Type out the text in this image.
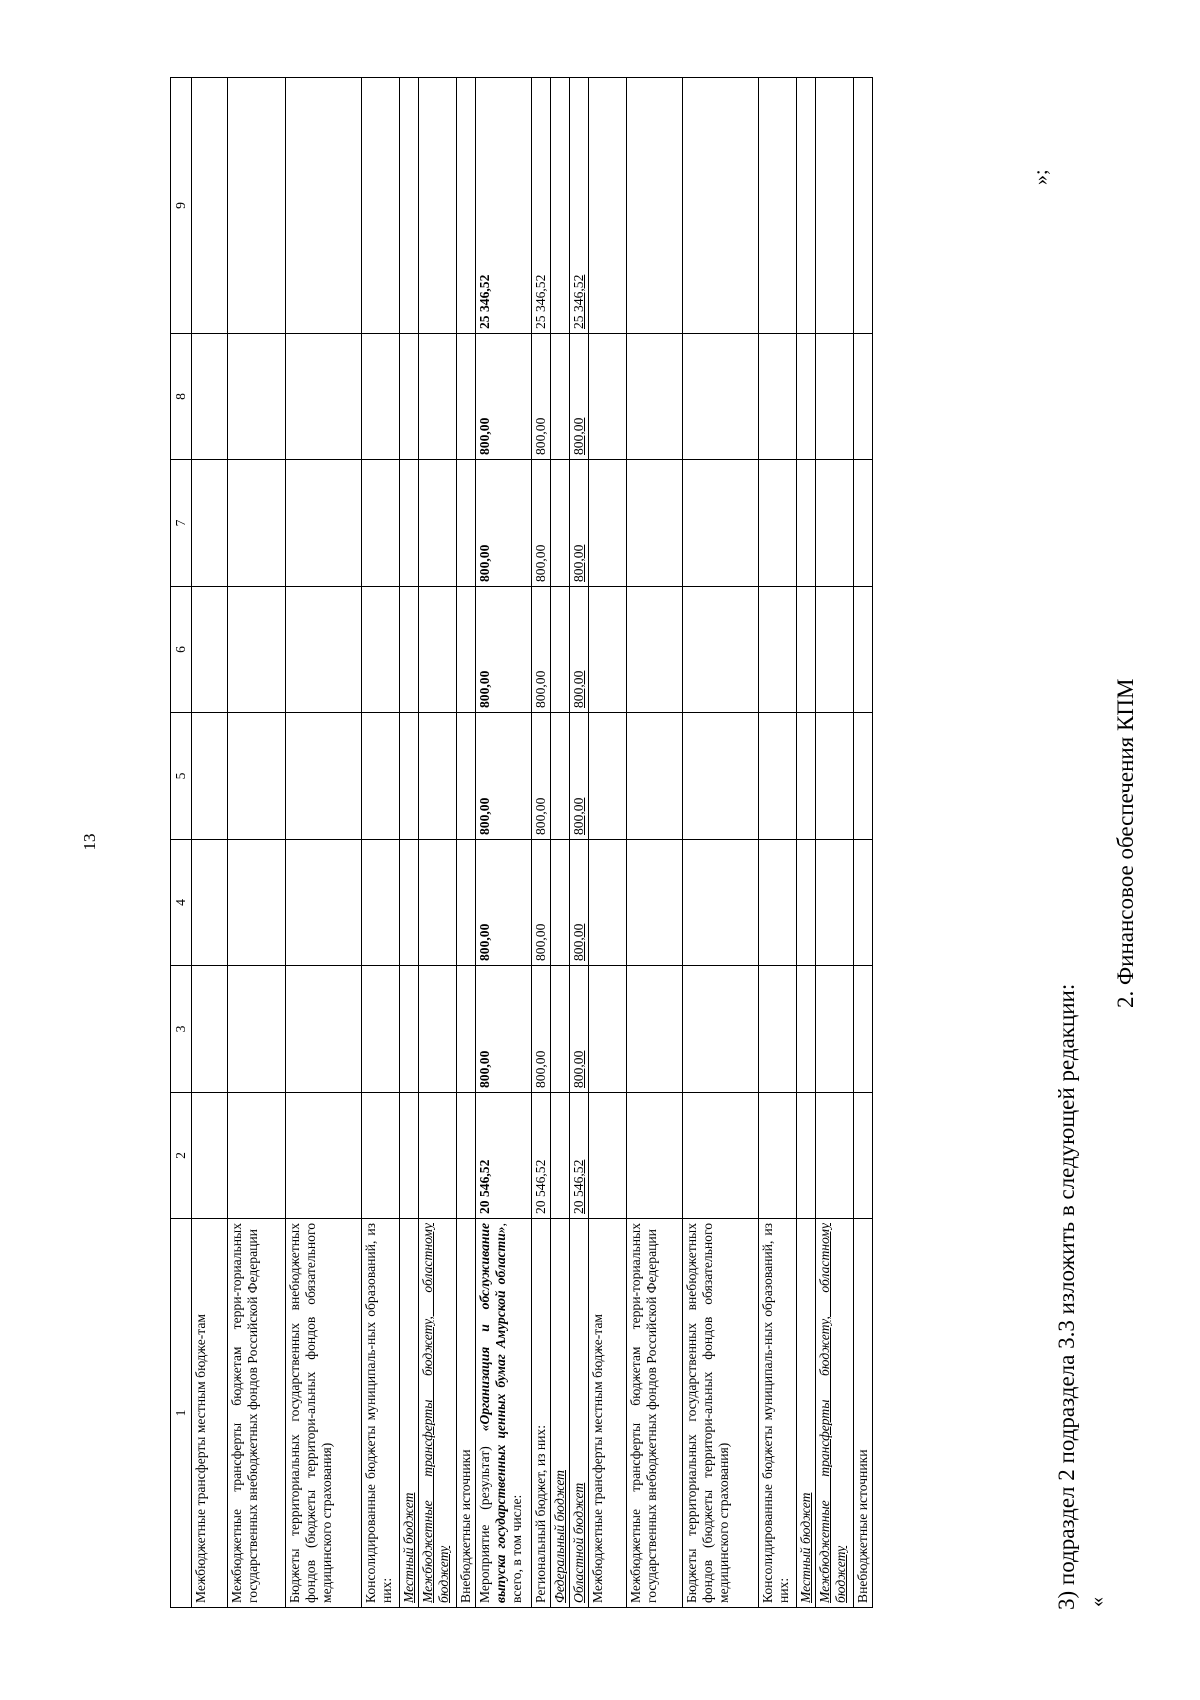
13
1	2	3	4	5	6	7	8	9
Межбюджетные трансферты местным бюдже-там								
Межбюджетные трансферты бюджетам терри-ториальных государственных внебюджетных фондов Российской Федерации								
Бюджеты территориальных государственных внебюджетных фондов (бюджеты территори-альных фондов обязательного медицинского страхования)								
Консолидированные бюджеты муниципаль-ных образований, из них:								
Местный бюджет								
Межбюджетные трансферты бюджету, областному бюджету								
Внебюджетные источники								
Мероприятие (результат) «Организация и обслуживание выпуска государственных ценных бумаг Амурской области», всего, в том числе:	20 546,52	800,00	800,00	800,00	800,00	800,00	800,00	25 346,52
Региональный бюджет, из них:	20 546,52	800,00	800,00	800,00	800,00	800,00	800,00	25 346,52
Федеральный бюджет								
Областной бюджет	20 546,52	800,00	800,00	800,00	800,00	800,00	800,00	25 346,52
Межбюджетные трансферты местным бюдже-там								
Межбюджетные трансферты бюджетам терри-ториальных государственных внебюджетных фондов Российской Федерации								
Бюджеты территориальных государственных внебюджетных фондов (бюджеты территори-альных фондов обязательного медицинского страхования)								
Консолидированные бюджеты муниципаль-ных образований, из них:								
Местный бюджет								
Межбюджетные трансферты бюджету, областному бюджету								
Внебюджетные источники								
»;
3) подраздел 2 подраздела 3.3 изложить в следующей редакции: «
2. Финансовое обеспечения КПМ
